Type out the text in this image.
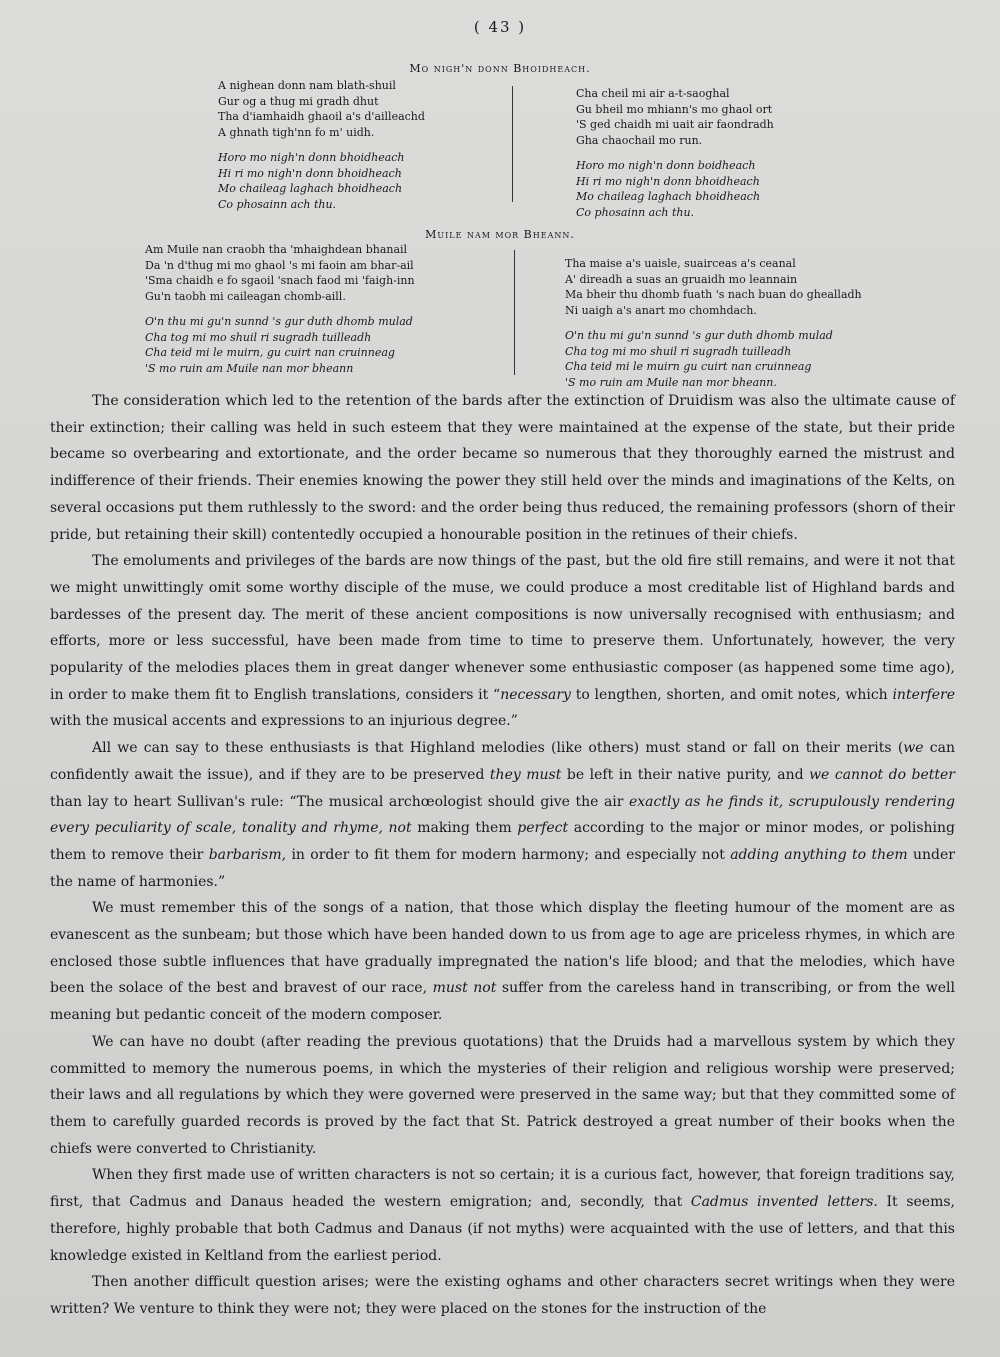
( 43 )
Mo nigh'n donn Bhoidheach.
A nighean donn nam blath-shuil
Gur og a thug mi gradh dhut
Tha d'iamhaidh ghaoil a's d'ailleachd
A ghnath tigh'nn fo m' uidh.
Horo mo nigh'n donn bhoidheach
Hi ri mo nigh'n donn bhoidheach
Mo chaileag laghach bhoidheach
Co phosainn ach thu.
Cha cheil mi air a-t-saoghal
Gu bheil mo mhiann's mo ghaol ort
'S ged chaidh mi uait air faondradh
Gha chaochail mo run.
Horo mo nigh'n donn boidheach
Hi ri mo nigh'n donn bhoidheach
Mo chaileag laghach bhoidheach
Co phosainn ach thu.
Muile nam mor Bheann.
Am Muile nan craobh tha 'mhaighdean bhanail
Da 'n d'thug mi mo ghaol 's mi faoin am bhar-ail
'Sma chaidh e fo sgaoil 'snach faod mi 'faigh-inn
Gu'n taobh mi caileagan chomb-aill.
O'n thu mi gu'n sunnd 's gur duth dhomb mulad
Cha tog mi mo shuil ri sugradh tuilleadh
Cha teid mi le muirn, gu cuirt nan cruinneag
'S mo ruin am Muile nan mor bheann
Tha maise a's uaisle, suairceas a's ceanal
A' direadh a suas an gruaidh mo leannain
Ma bheir thu dhomb fuath 's nach buan do ghealladh
Ni uaigh a's anart mo chomhdach.
O'n thu mi gu'n sunnd 's gur duth dhomb mulad
Cha tog mi mo shuil ri sugradh tuilleadh
Cha teid mi le muirn gu cuirt nan cruinneag
'S mo ruin am Muile nan mor bheann.

The consideration which led to the retention of the bards after the extinction of Druidism was also the ultimate cause of their extinction; their calling was held in such esteem that they were maintained at the expense of the state, but their pride became so overbearing and extortionate, and the order became so numerous that they thoroughly earned the mistrust and indifference of their friends. Their enemies knowing the power they still held over the minds and imaginations of the Kelts, on several occasions put them ruthlessly to the sword: and the order being thus reduced, the remaining professors (shorn of their pride, but retaining their skill) contentedly occupied a honourable position in the retinues of their chiefs.

The emoluments and privileges of the bards are now things of the past, but the old fire still remains, and were it not that we might unwittingly omit some worthy disciple of the muse, we could produce a most creditable list of Highland bards and bardesses of the present day. The merit of these ancient compositions is now universally recognised with enthusiasm; and efforts, more or less successful, have been made from time to time to preserve them. Unfortunately, however, the very popularity of the melodies places them in great danger whenever some enthusiastic composer (as happened some time ago), in order to make them fit to English translations, considers it “necessary to lengthen, shorten, and omit notes, which interfere with the musical accents and expressions to an injurious degree.”

All we can say to these enthusiasts is that Highland melodies (like others) must stand or fall on their merits (we can confidently await the issue), and if they are to be preserved they must be left in their native purity, and we cannot do better than lay to heart Sullivan's rule: “The musical archœologist should give the air exactly as he finds it, scrupulously rendering every peculiarity of scale, tonality and rhyme, not making them perfect according to the major or minor modes, or polishing them to remove their barbarism, in order to fit them for modern harmony; and especially not adding anything to them under the name of harmonies.”

We must remember this of the songs of a nation, that those which display the fleeting humour of the moment are as evanescent as the sunbeam; but those which have been handed down to us from age to age are priceless rhymes, in which are enclosed those subtle influences that have gradually impregnated the nation's life blood; and that the melodies, which have been the solace of the best and bravest of our race, must not suffer from the careless hand in transcribing, or from the well meaning but pedantic conceit of the modern composer.

We can have no doubt (after reading the previous quotations) that the Druids had a marvellous system by which they committed to memory the numerous poems, in which the mysteries of their religion and religious worship were preserved; their laws and all regulations by which they were governed were preserved in the same way; but that they committed some of them to carefully guarded records is proved by the fact that St. Patrick destroyed a great number of their books when the chiefs were converted to Christianity.

When they first made use of written characters is not so certain; it is a curious fact, however, that foreign traditions say, first, that Cadmus and Danaus headed the western emigration; and, secondly, that Cadmus invented letters. It seems, therefore, highly probable that both Cadmus and Danaus (if not myths) were acquainted with the use of letters, and that this knowledge existed in Keltland from the earliest period.

Then another difficult question arises; were the existing oghams and other characters secret writings when they were written? We venture to think they were not; they were placed on the stones for the instruction of the
